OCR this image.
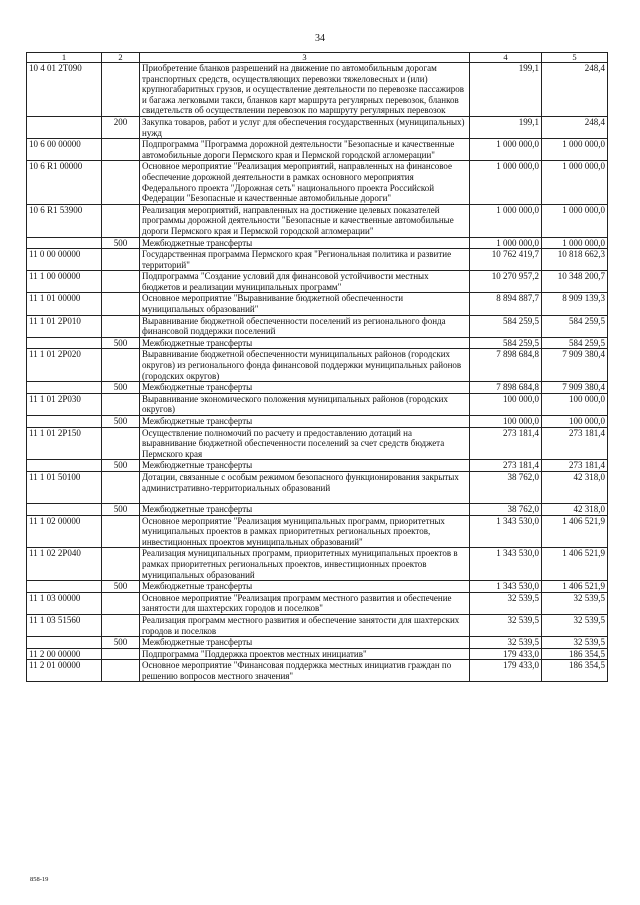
34
1	2	3	4	5
10 4 01 2T090		Приобретение бланков разрешений на движение по автомобильным дорогам транспортных средств, осуществляющих перевозки тяжеловесных и (или) крупногабаритных грузов, и осуществление деятельности по перевозке пассажиров и багажа легковыми такси, бланков карт маршрута регулярных перевозок, бланков свидетельств об осуществлении перевозок по маршруту регулярных перевозок	199,1	248,4
	200	Закупка товаров, работ и услуг для обеспечения государственных (муниципальных) нужд	199,1	248,4
10 6 00 00000		Подпрограмма "Программа дорожной деятельности "Безопасные и качественные автомобильные дороги Пермского края и Пермской городской агломерации"	1 000 000,0	1 000 000,0
10 6 R1 00000		Основное мероприятие "Реализация мероприятий, направленных на финансовое обеспечение дорожной деятельности в рамках основного мероприятия Федерального проекта "Дорожная сеть" национального проекта Российской Федерации "Безопасные и качественные автомобильные дороги"	1 000 000,0	1 000 000,0
10 6 R1 53900		Реализация мероприятий, направленных на достижение целевых показателей программы дорожной деятельности "Безопасные и качественные автомобильные дороги Пермского края и Пермской городской агломерации"	1 000 000,0	1 000 000,0
	500	Межбюджетные трансферты	1 000 000,0	1 000 000,0
11 0 00 00000		Государственная программа Пермского края "Региональная политика и развитие территорий"	10 762 419,7	10 818 662,3
11 1 00 00000		Подпрограмма "Создание условий для финансовой устойчивости местных бюджетов и реализации муниципальных программ"	10 270 957,2	10 348 200,7
11 1 01 00000		Основное мероприятие "Выравнивание бюджетной обеспеченности муниципальных образований"	8 894 887,7	8 909 139,3
11 1 01 2P010		Выравнивание бюджетной обеспеченности поселений из регионального фонда финансовой поддержки поселений	584 259,5	584 259,5
	500	Межбюджетные трансферты	584 259,5	584 259,5
11 1 01 2P020		Выравнивание бюджетной обеспеченности муниципальных районов (городских округов) из регионального фонда финансовой поддержки муниципальных районов (городских округов)	7 898 684,8	7 909 380,4
	500	Межбюджетные трансферты	7 898 684,8	7 909 380,4
11 1 01 2P030		Выравнивание экономического положения муниципальных районов (городских округов)	100 000,0	100 000,0
	500	Межбюджетные трансферты	100 000,0	100 000,0
11 1 01 2P150		Осуществление полномочий по расчету и предоставлению дотаций на выравнивание бюджетной обеспеченности поселений за счет средств бюджета Пермского края	273 181,4	273 181,4
	500	Межбюджетные трансферты	273 181,4	273 181,4
11 1 01 50100		Дотации, связанные с особым режимом безопасного функционирования закрытых административно-территориальных образований	38 762,0	42 318,0
	500	Межбюджетные трансферты	38 762,0	42 318,0
11 1 02 00000		Основное мероприятие "Реализация муниципальных программ, приоритетных муниципальных проектов в рамках приоритетных региональных проектов, инвестиционных проектов муниципальных образований"	1 343 530,0	1 406 521,9
11 1 02 2P040		Реализация муниципальных программ, приоритетных муниципальных проектов в рамках приоритетных региональных проектов, инвестиционных проектов муниципальных образований	1 343 530,0	1 406 521,9
	500	Межбюджетные трансферты	1 343 530,0	1 406 521,9
11 1 03 00000		Основное мероприятие "Реализация программ местного развития и обеспечение занятости для шахтерских городов и поселков"	32 539,5	32 539,5
11 1 03 51560		Реализация программ местного развития и обеспечение занятости для шахтерских городов и поселков	32 539,5	32 539,5
	500	Межбюджетные трансферты	32 539,5	32 539,5
11 2 00 00000		Подпрограмма "Поддержка проектов местных инициатив"	179 433,0	186 354,5
11 2 01 00000		Основное мероприятие "Финансовая поддержка местных инициатив граждан по решению вопросов местного значения"	179 433,0	186 354,5
858-19
